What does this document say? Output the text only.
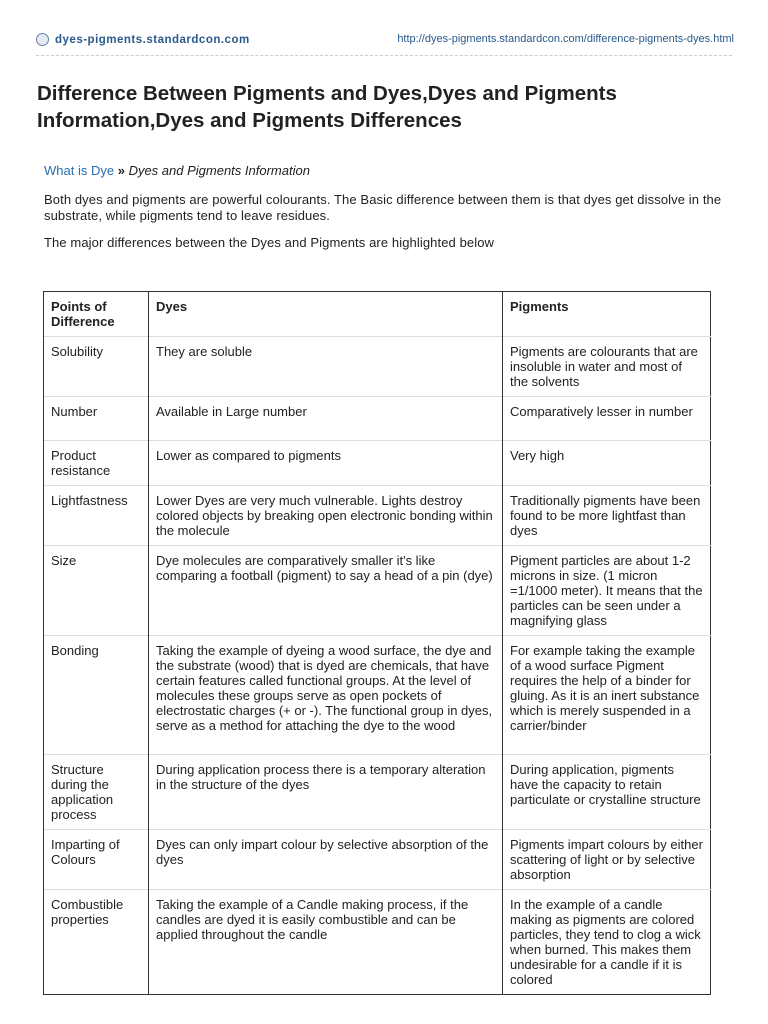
dyes-pigments.standardcon.com	http://dyes-pigments.standardcon.com/difference-pigments-dyes.html
Difference Between Pigments and Dyes,Dyes and Pigments Information,Dyes and Pigments Differences
What is Dye » Dyes and Pigments Information

Both dyes and pigments are powerful colourants. The Basic difference between them is that dyes get dissolve in the substrate, while pigments tend to leave residues.

The major differences between the Dyes and Pigments are highlighted below

Points of Difference	Dyes	Pigments
Solubility	They are soluble	Pigments are colourants that are insoluble in water and most of the solvents
Number	Available in Large number	Comparatively lesser in number
Product resistance	Lower as compared to pigments	Very high
Lightfastness	Lower Dyes are very much vulnerable. Lights destroy colored objects by breaking open electronic bonding within the molecule	Traditionally pigments have been found to be more lightfast than dyes
Size	Dye molecules are comparatively smaller it's like comparing a football (pigment) to say a head of a pin (dye)	Pigment particles are about 1-2 microns in size. (1 micron =1/1000 meter). It means that the particles can be seen under a magnifying glass
Bonding	Taking the example of dyeing a wood surface, the dye and the substrate (wood) that is dyed are chemicals, that have certain features called functional groups. At the level of molecules these groups serve as open pockets of electrostatic charges (+ or -). The functional group in dyes, serve as a method for attaching the dye to the wood	For example taking the example of a wood surface Pigment requires the help of a binder for gluing. As it is an inert substance which is merely suspended in a carrier/binder
Structure during the application process	During application process there is a temporary alteration in the structure of the dyes	During application, pigments have the capacity to retain particulate or crystalline structure
Imparting of Colours	Dyes can only impart colour by selective absorption of the dyes	Pigments impart colours by either scattering of light or by selective absorption
Combustible properties	Taking the example of a Candle making process, if the candles are dyed it is easily combustible and can be applied throughout the candle	In the example of a candle making as pigments are colored particles, they tend to clog a wick when burned. This makes them undesirable for a candle if it is colored
